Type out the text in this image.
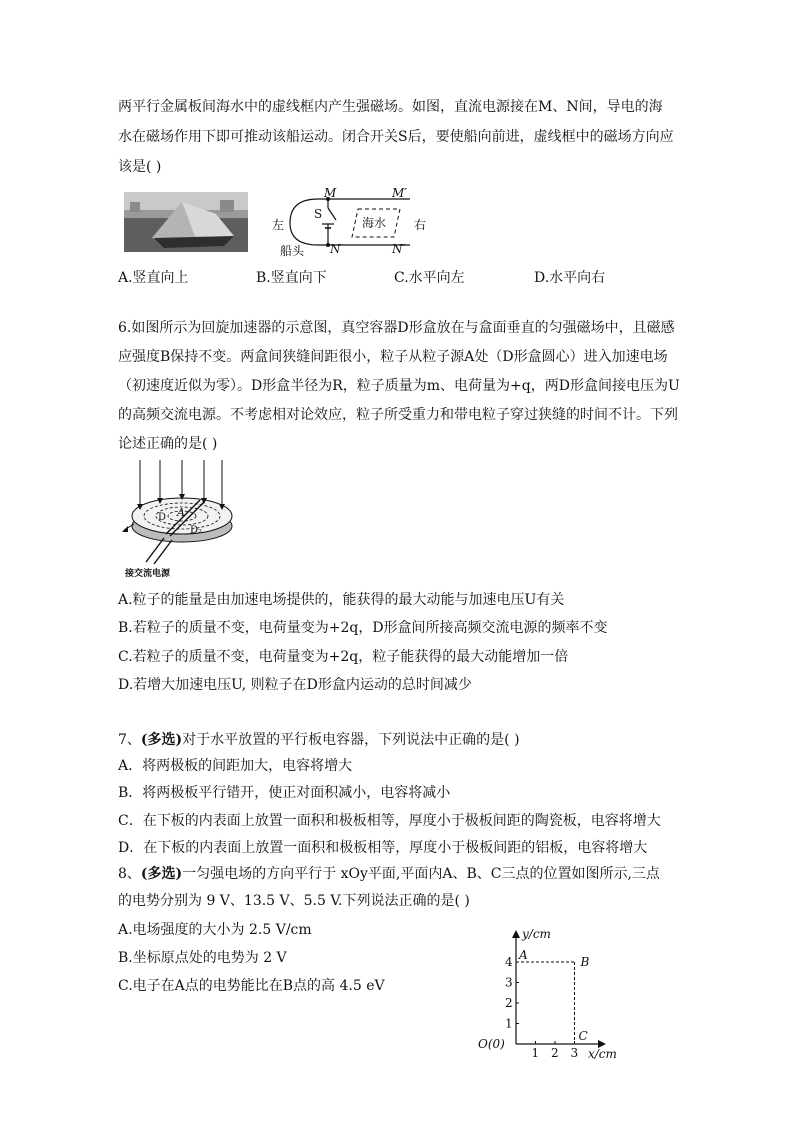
两平行金属板间海水中的虚线框内产生强磁场。如图，直流电源接在M、N间，导电的海
水在磁场作用下即可推动该船运动。闭合开关S后，要使船向前进，虚线框中的磁场方向应
该是( )
左	右
船头
S
海水
M	M′
N	N′
A.竖直向上	B.竖直向下	C.水平向左	D.水平向右
6.如图所示为回旋加速器的示意图，真空容器D形盒放在与盒面垂直的匀强磁场中，且磁感
应强度B保持不变。两盒间狭缝间距很小，粒子从粒子源A处（D形盒圆心）进入加速电场
（初速度近似为零）。D形盒半径为R，粒子质量为m、电荷量为+q，两D形盒间接电压为U
的高频交流电源。不考虑相对论效应，粒子所受重力和带电粒子穿过狭缝的时间不计。下列
论述正确的是( )
A
D
D₂
接交流电源
A.粒子的能量是由加速电场提供的，能获得的最大动能与加速电压U有关
B.若粒子的质量不变，电荷量变为+2q，D形盒间所接高频交流电源的频率不变
C.若粒子的质量不变，电荷量变为+2q，粒子能获得的最大动能增加一倍
D.若增大加速电压U, 则粒子在D形盒内运动的总时间减少
7、(多选)对于水平放置的平行板电容器，下列说法中正确的是( )
A．将两极板的间距加大，电容将增大
B．将两极板平行错开，使正对面积减小，电容将减小
C．在下板的内表面上放置一面积和极板相等，厚度小于极板间距的陶瓷板，电容将增大
D．在下板的内表面上放置一面积和极板相等，厚度小于极板间距的铝板，电容将增大
8、(多选)一匀强电场的方向平行于 xOy平面,平面内A、B、C三点的位置如图所示,三点
的电势分别为 9 V、13.5 V、5.5 V.下列说法正确的是( )
A.电场强度的大小为 2.5 V/cm
B.坐标原点处的电势为 2 V
C.电子在A点的电势能比在B点的高 4.5 eV
1 2 3
1
2
3
4 A	B
C
y/cm
x/cm
O(0)
